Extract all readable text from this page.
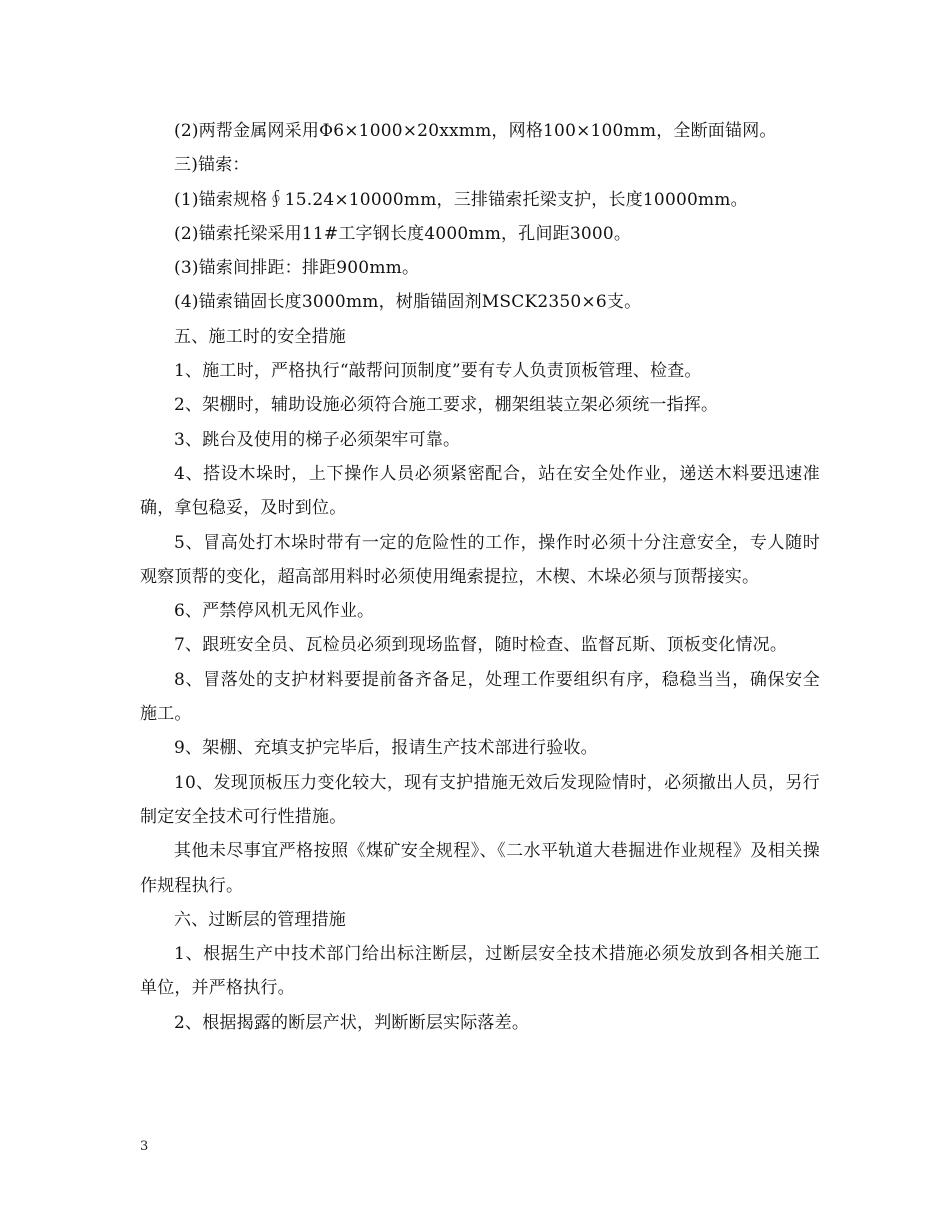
(2)两帮金属网采用Φ6×1000×20xxmm，网格100×100mm，全断面锚网。

三)锚索：

(1)锚索规格∮15.24×10000mm，三排锚索托梁支护，长度10000mm。

(2)锚索托梁采用11#工字钢长度4000mm，孔间距3000。

(3)锚索间排距：排距900mm。

(4)锚索锚固长度3000mm，树脂锚固剂MSCK2350×6支。

五、施工时的安全措施

1、施工时，严格执行“敲帮问顶制度”要有专人负责顶板管理、检查。

2、架棚时，辅助设施必须符合施工要求，棚架组装立架必须统一指挥。

3、跳台及使用的梯子必须架牢可靠。

4、搭设木垛时，上下操作人员必须紧密配合，站在安全处作业，递送木料要迅速准确，拿包稳妥，及时到位。

5、冒高处打木垛时带有一定的危险性的工作，操作时必须十分注意安全，专人随时观察顶帮的变化，超高部用料时必须使用绳索提拉，木楔、木垛必须与顶帮接实。

6、严禁停风机无风作业。

7、跟班安全员、瓦检员必须到现场监督，随时检查、监督瓦斯、顶板变化情况。

8、冒落处的支护材料要提前备齐备足，处理工作要组织有序，稳稳当当，确保安全施工。

9、架棚、充填支护完毕后，报请生产技术部进行验收。

10、发现顶板压力变化较大，现有支护措施无效后发现险情时，必须撤出人员，另行制定安全技术可行性措施。

其他未尽事宜严格按照《煤矿安全规程》、《二水平轨道大巷掘进作业规程》及相关操作规程执行。

六、过断层的管理措施

1、根据生产中技术部门给出标注断层，过断层安全技术措施必须发放到各相关施工单位，并严格执行。

2、根据揭露的断层产状，判断断层实际落差。

3
